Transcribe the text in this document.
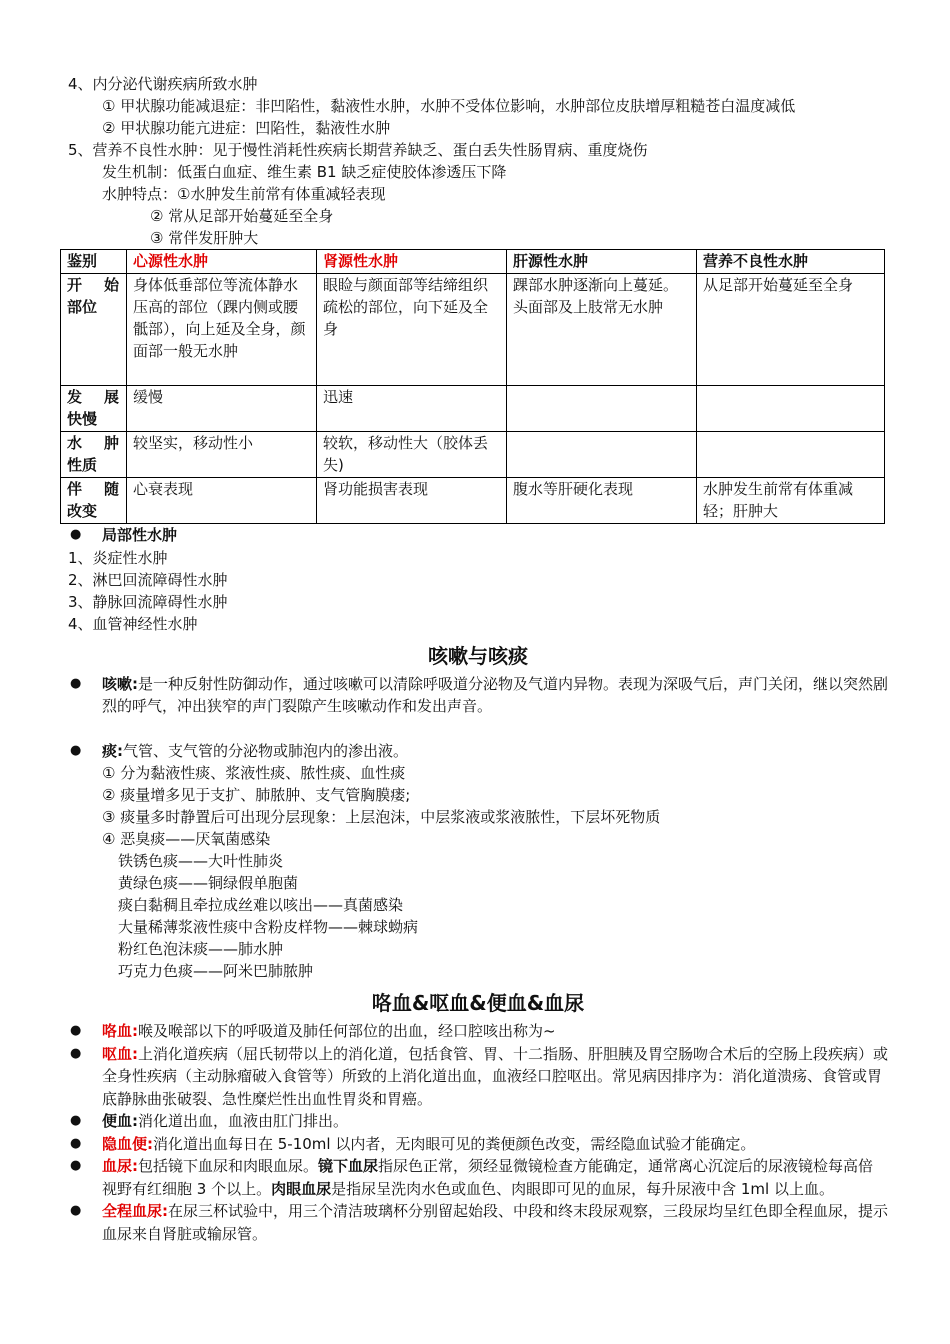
4、内分泌代谢疾病所致水肿
① 甲状腺功能减退症：非凹陷性，黏液性水肿，水肿不受体位影响，水肿部位皮肤增厚粗糙苍白温度减低
② 甲状腺功能亢进症：凹陷性，黏液性水肿
5、营养不良性水肿：见于慢性消耗性疾病长期营养缺乏、蛋白丢失性肠胃病、重度烧伤
发生机制：低蛋白血症、维生素 B1 缺乏症使胶体渗透压下降
水肿特点：①水肿发生前常有体重减轻表现
② 常从足部开始蔓延至全身
③ 常伴发肝肿大
鉴别	心源性水肿	肾源性水肿	肝源性水肿	营养不良性水肿

开 始
部位	身体低垂部位等流体静水压高的部位（踝内侧或腰骶部），向上延及全身，颜面部一般无水肿	眼睑与颜面部等结缔组织疏松的部位，向下延及全身	踝部水肿逐渐向上蔓延。头面部及上肢常无水肿	从足部开始蔓延至全身

发 展
快慢	缓慢	迅速		

水 肿
性质	较坚实，移动性小	较软，移动性大（胶体丢失)		

伴 随
改变	心衰表现	肾功能损害表现	腹水等肝硬化表现	水肿发生前常有体重减轻；肝肿大
● 局部性水肿
1、炎症性水肿
2、淋巴回流障碍性水肿
3、静脉回流障碍性水肿
4、血管神经性水肿
咳嗽与咳痰
● 咳嗽:是一种反射性防御动作，通过咳嗽可以清除呼吸道分泌物及气道内异物。表现为深吸气后，声门关闭，继以突然剧烈的呼气，冲出狭窄的声门裂隙产生咳嗽动作和发出声音。
● 痰:气管、支气管的分泌物或肺泡内的渗出液。
① 分为黏液性痰、浆液性痰、脓性痰、血性痰
② 痰量增多见于支扩、肺脓肿、支气管胸膜瘘;
③ 痰量多时静置后可出现分层现象：上层泡沫，中层浆液或浆液脓性，下层坏死物质
④ 恶臭痰——厌氧菌感染
铁锈色痰——大叶性肺炎
黄绿色痰——铜绿假单胞菌
痰白黏稠且牵拉成丝难以咳出——真菌感染
大量稀薄浆液性痰中含粉皮样物——棘球蚴病
粉红色泡沫痰——肺水肿
巧克力色痰——阿米巴肺脓肿
咯血&呕血&便血&血尿
● 咯血:喉及喉部以下的呼吸道及肺任何部位的出血，经口腔咳出称为~
● 呕血:上消化道疾病（屈氏韧带以上的消化道，包括食管、胃、十二指肠、肝胆胰及胃空肠吻合术后的空肠上段疾病）或全身性疾病（主动脉瘤破入食管等）所致的上消化道出血，血液经口腔呕出。常见病因排序为：消化道溃疡、食管或胃底静脉曲张破裂、急性糜烂性出血性胃炎和胃癌。
● 便血:消化道出血，血液由肛门排出。
● 隐血便:消化道出血每日在 5-10ml 以内者，无肉眼可见的粪便颜色改变，需经隐血试验才能确定。
● 血尿:包括镜下血尿和肉眼血尿。镜下血尿指尿色正常，须经显微镜检查方能确定，通常离心沉淀后的尿液镜检每高倍视野有红细胞 3 个以上。肉眼血尿是指尿呈洗肉水色或血色、肉眼即可见的血尿，每升尿液中含 1ml 以上血。
● 全程血尿:在尿三杯试验中，用三个清洁玻璃杯分别留起始段、中段和终末段尿观察，三段尿均呈红色即全程血尿，提示血尿来自肾脏或输尿管。
